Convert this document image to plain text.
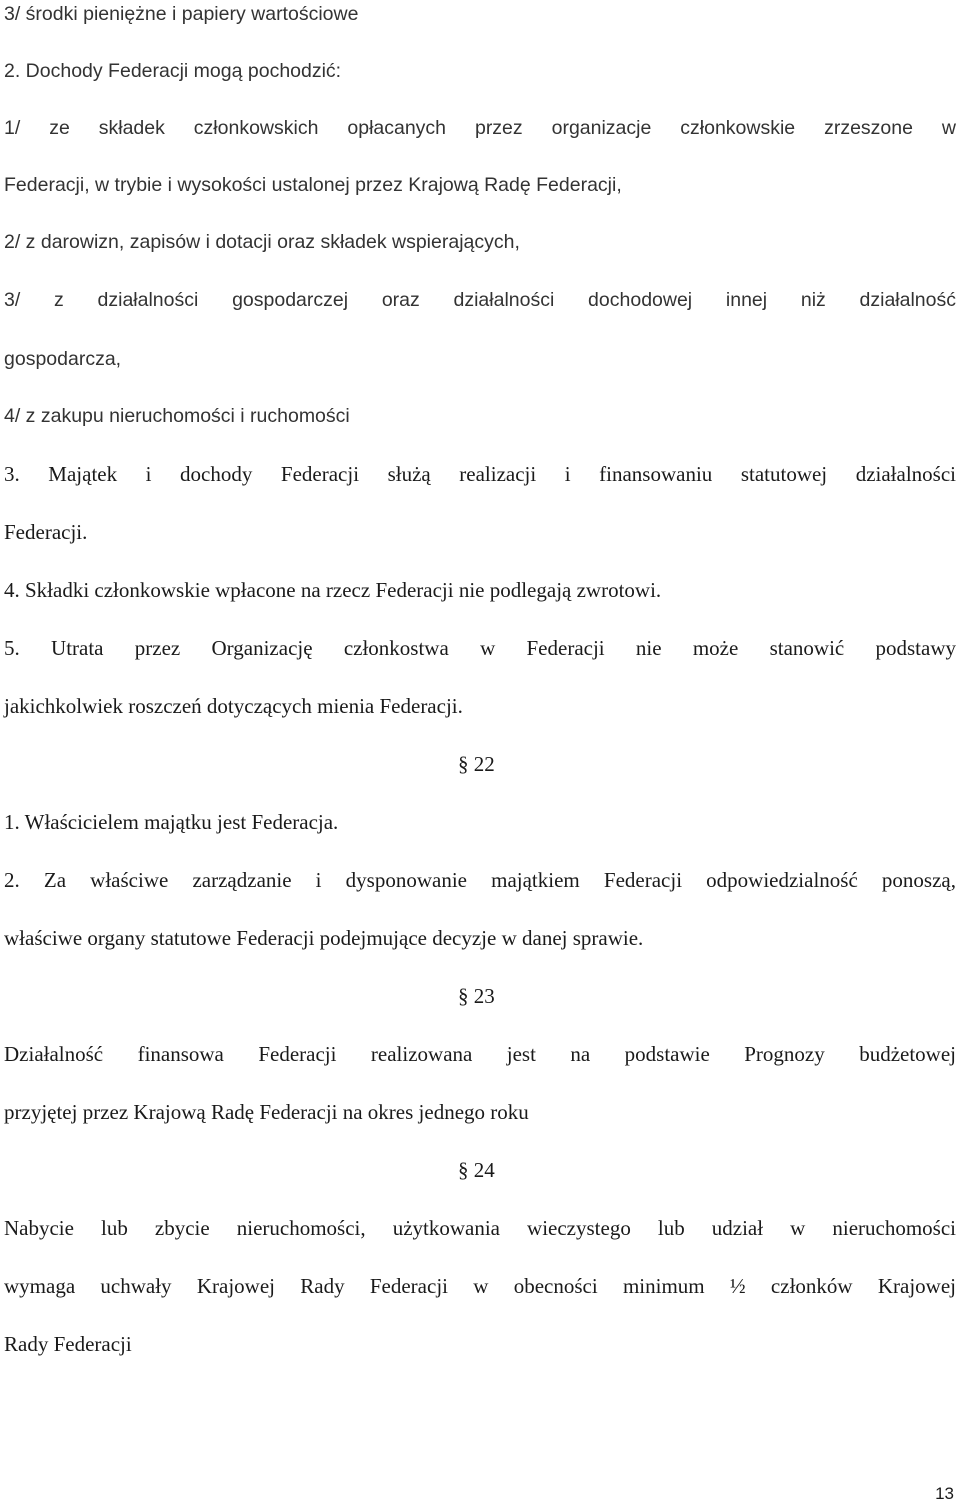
3/ środki pieniężne i papiery wartościowe
2. Dochody Federacji mogą pochodzić:
1/ ze składek członkowskich opłacanych przez organizacje członkowskie zrzeszone w
Federacji, w trybie i wysokości ustalonej przez Krajową Radę Federacji,
2/ z darowizn, zapisów i dotacji oraz składek wspierających,
3/ z działalności gospodarczej oraz działalności dochodowej innej niż działalność
gospodarcza,
4/ z zakupu nieruchomości i ruchomości
3. Majątek i dochody Federacji służą realizacji i finansowaniu statutowej działalności
Federacji.
4. Składki członkowskie wpłacone na rzecz Federacji nie podlegają zwrotowi.
5. Utrata przez Organizację członkostwa w Federacji nie może stanowić podstawy
jakichkolwiek roszczeń dotyczących mienia Federacji.
§ 22
1. Właścicielem majątku jest Federacja.
2. Za właściwe zarządzanie i dysponowanie majątkiem Federacji odpowiedzialność ponoszą,
właściwe organy statutowe Federacji podejmujące decyzje w danej sprawie.
§ 23
Działalność finansowa Federacji realizowana jest na podstawie Prognozy budżetowej
przyjętej przez Krajową Radę Federacji na okres jednego roku
§ 24
Nabycie lub zbycie nieruchomości, użytkowania wieczystego lub udział w nieruchomości
wymaga uchwały Krajowej Rady Federacji w obecności minimum ½ członków Krajowej
Rady Federacji
13
